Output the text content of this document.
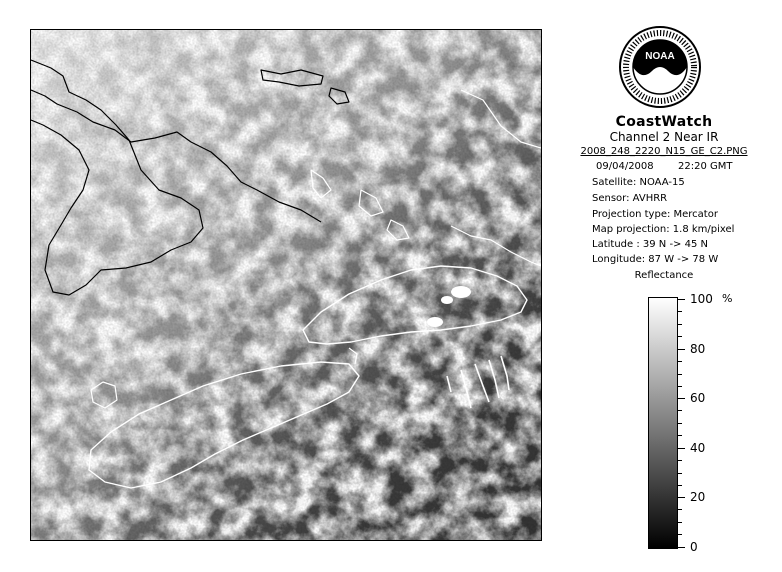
NOAA
CoastWatch
Channel 2 Near IR
2008_248_2220_N15_GE_C2.PNG
09/04/2008 22:20 GMT
Satellite: NOAA-15
Sensor: AVHRR
Projection type: Mercator
Map projection: 1.8 km/pixel
Latitude : 39 N -> 45 N
Longitude: 87 W -> 78 W
Reflectance
%
100
80
60
40
20
0
